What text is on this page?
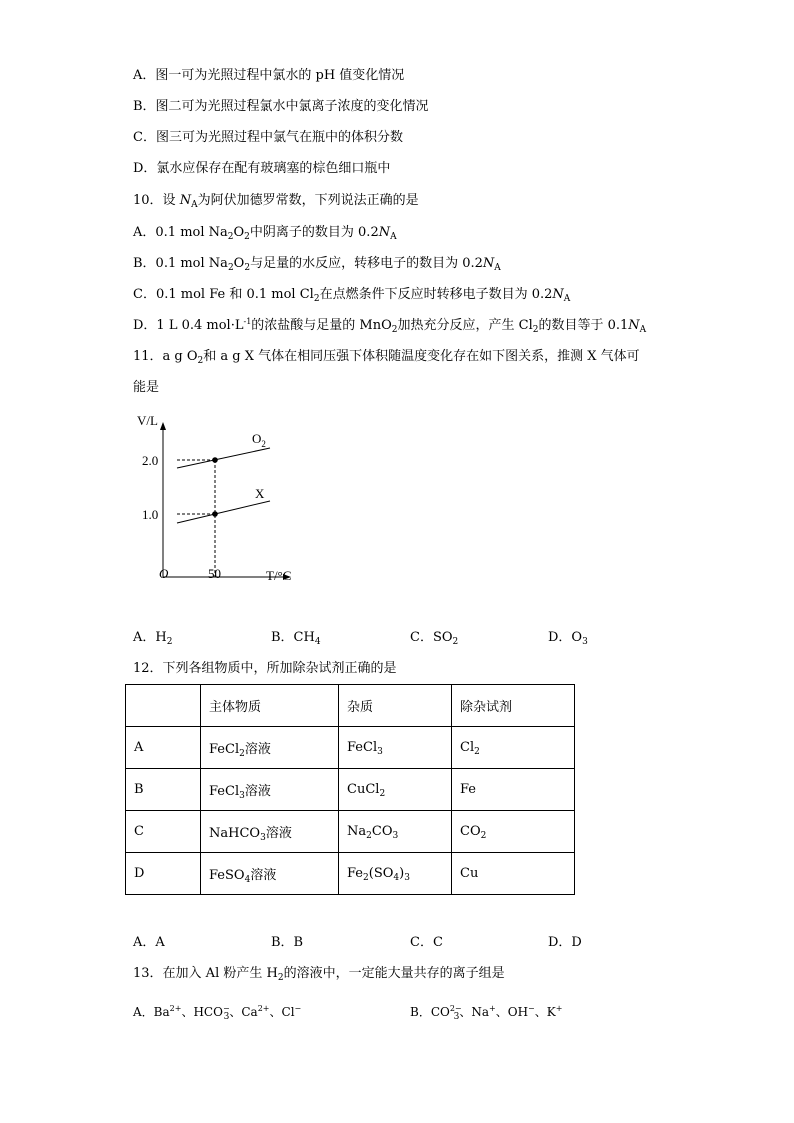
A．图一可为光照过程中氯水的 pH 值变化情况
B．图二可为光照过程氯水中氯离子浓度的变化情况
C．图三可为光照过程中氯气在瓶中的体积分数
D．氯水应保存在配有玻璃塞的棕色细口瓶中
10．设 $N_A$为阿伏加德罗常数，下列说法正确的是
A．0.1 mol $Na_2O_2$中阴离子的数目为 $0.2N_A$
B．0.1 mol $Na_2O_2$与足量的水反应，转移电子的数目为 $0.2N_A$
C．0.1 mol Fe 和 0.1 mol $Cl_2$在点燃条件下反应时转移电子数目为 $0.2N_A$
D．1 L 0.4 $mol\cdot L^{-1}$的浓盐酸与足量的 MnO$_2$加热充分反应，产生 $Cl_2$的数目等于 $0.1N_A$
11．a g $O_2$和 a g X 气体在相同压强下体积随温度变化存在如下图关系，推测 X 气体可
能是
V/L
2.0
1.0
O	50	T/°C
$O_2$
X
A．$H_2$	B．$CH_4$	C．$SO_2$	D．$O_3$
12．下列各组物质中，所加除杂试剂正确的是
	主体物质	杂质	除杂试剂
A	FeCl$_2$溶液	FeCl$_3$	$Cl_2$
B	FeCl$_3$溶液	CuCl$_2$	Fe
C	NaHCO$_3$溶液	$Na_2CO_3$	$CO_2$
D	FeSO$_4$溶液	$Fe_2(SO_4)_3$	Cu
A．A	B．B	C．C	D．D
13．在加入 Al 粉产生 $H_2$的溶液中，一定能大量共存的离子组是
A．$Ba^{2+}$、$HCO^-_3$、$Ca^{2+}$、Cl−	B．$CO^{2-}_3$、Na+、OH−、K+
